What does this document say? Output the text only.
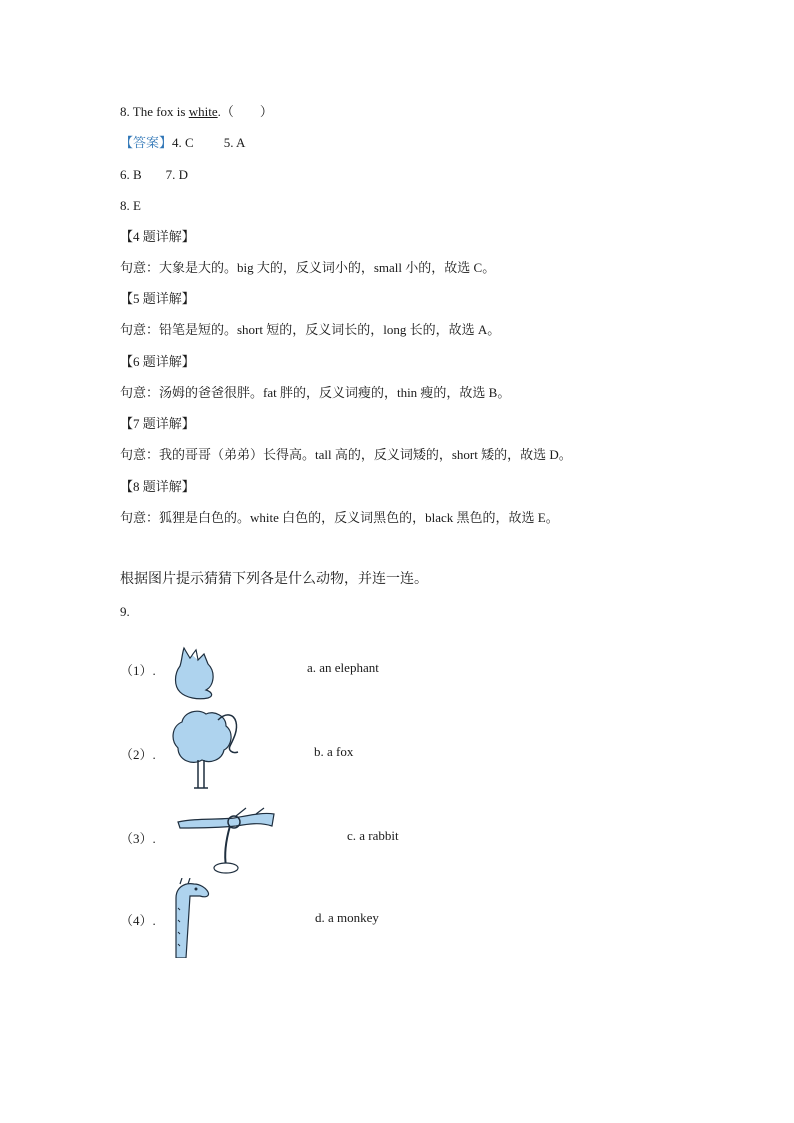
8. The fox is white.（　　）
【答案】4. C 5. A
6. B 7. D
8. E
【4 题详解】
句意：大象是大的。big 大的，反义词小的，small 小的，故选 C。
【5 题详解】
句意：铅笔是短的。short 短的，反义词长的，long 长的，故选 A。
【6 题详解】
句意：汤姆的爸爸很胖。fat 胖的，反义词瘦的，thin 瘦的，故选 B。
【7 题详解】
句意：我的哥哥（弟弟）长得高。tall 高的，反义词矮的，short 矮的，故选 D。
【8 题详解】
句意：狐狸是白色的。white 白色的，反义词黑色的，black 黑色的，故选 E。
根据图片提示猜猜下列各是什么动物，并连一连。
9.
（1）.	a. an elephant
（2）.	b. a fox
（3）.	c. a rabbit
（4）.	d. a monkey
